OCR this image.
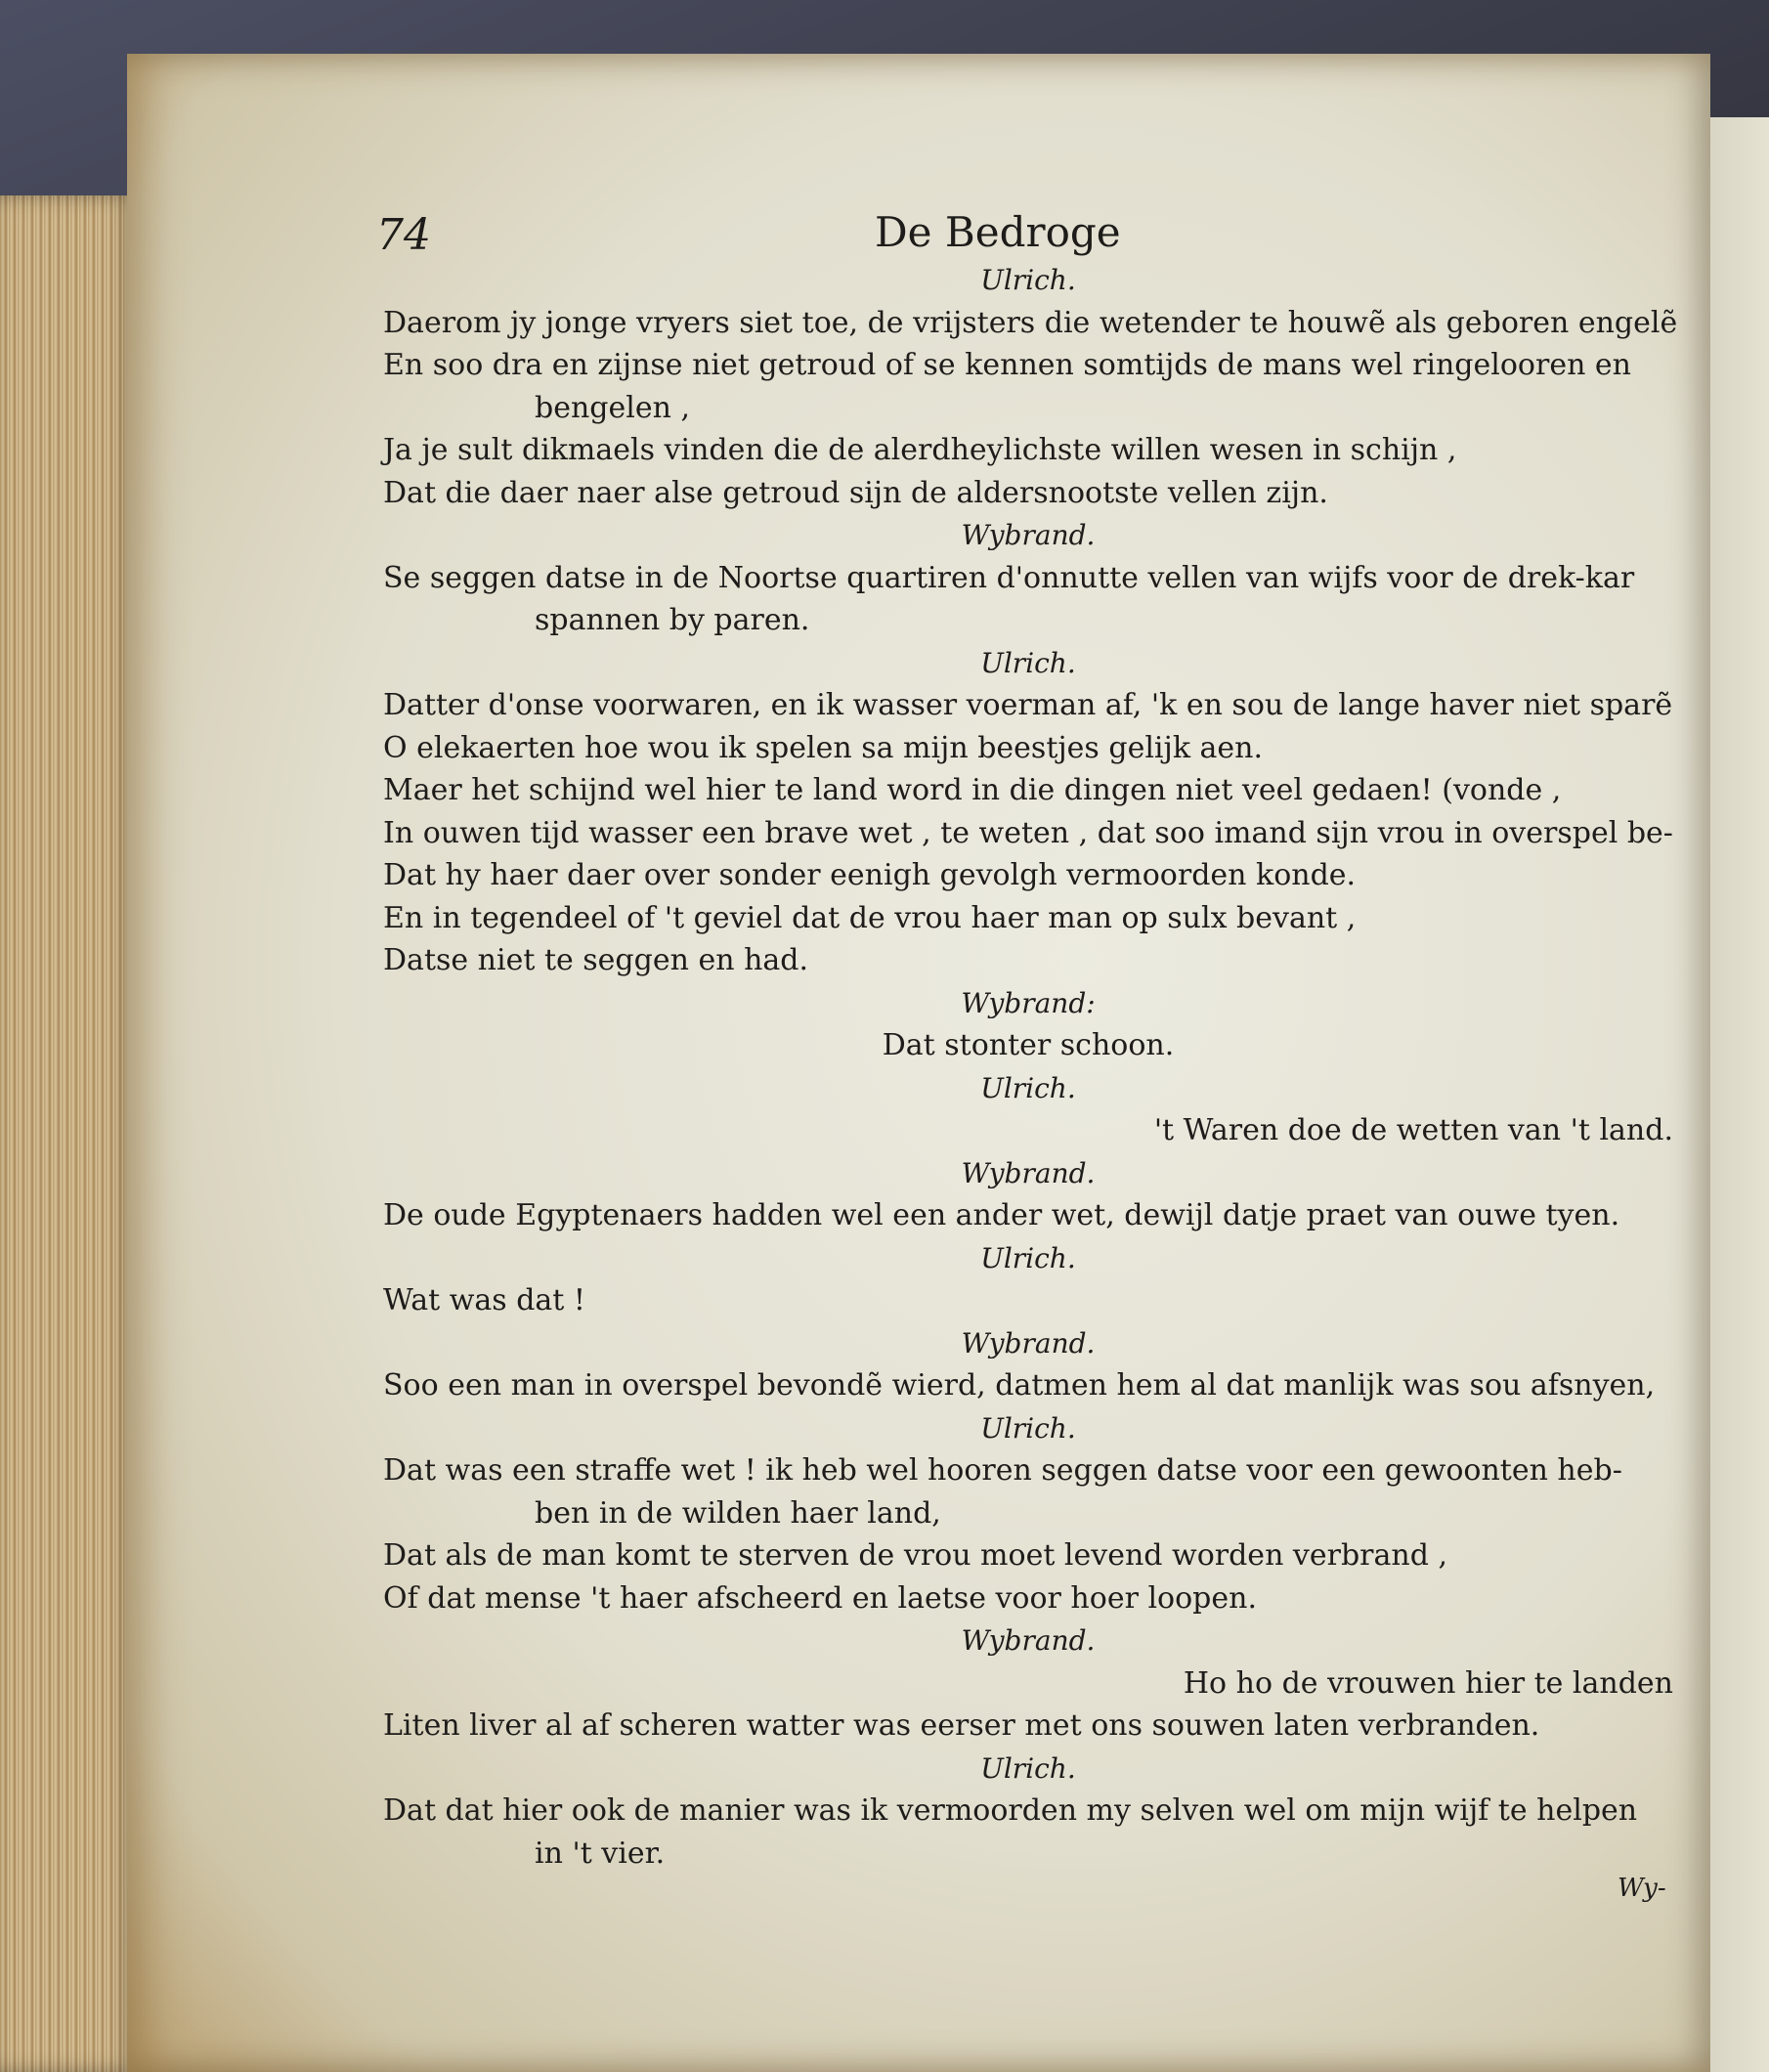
74	De Bedroge
Ulrich.
Daerom jy jonge vryers siet toe, de vrijsters die wetender te houwẽ als geboren engelẽ
En soo dra en zijnse niet getroud of se kennen somtijds de mans wel ringelooren en
bengelen ,
Ja je sult dikmaels vinden die de alerdheylichste willen wesen in schijn ,
Dat die daer naer alse getroud sijn de aldersnootste vellen zijn.
Wybrand.
Se seggen datse in de Noortse quartiren d'onnutte vellen van wijfs voor de drek-kar
spannen by paren.
Ulrich.
Datter d'onse voorwaren, en ik wasser voerman af, 'k en sou de lange haver niet sparẽ
O elekaerten hoe wou ik spelen sa mijn beestjes gelijk aen.
Maer het schijnd wel hier te land word in die dingen niet veel gedaen! (vonde ,
In ouwen tijd wasser een brave wet , te weten , dat soo imand sijn vrou in overspel be-
Dat hy haer daer over sonder eenigh gevolgh vermoorden konde.
En in tegendeel of 't geviel dat de vrou haer man op sulx bevant ,
Datse niet te seggen en had.
Wybrand:
Dat stonter schoon.
Ulrich.
't Waren doe de wetten van 't land.
Wybrand.
De oude Egyptenaers hadden wel een ander wet, dewijl datje praet van ouwe tyen.
Ulrich.
Wat was dat !
Wybrand.
Soo een man in overspel bevondẽ wierd, datmen hem al dat manlijk was sou afsnyen,
Ulrich.
Dat was een straffe wet ! ik heb wel hooren seggen datse voor een gewoonten heb-
ben in de wilden haer land,
Dat als de man komt te sterven de vrou moet levend worden verbrand ,
Of dat mense 't haer afscheerd en laetse voor hoer loopen.
Wybrand.
Ho ho de vrouwen hier te landen
Liten liver al af scheren watter was eerser met ons souwen laten verbranden.
Ulrich.
Dat dat hier ook de manier was ik vermoorden my selven wel om mijn wijf te helpen
in 't vier.
Wy-
